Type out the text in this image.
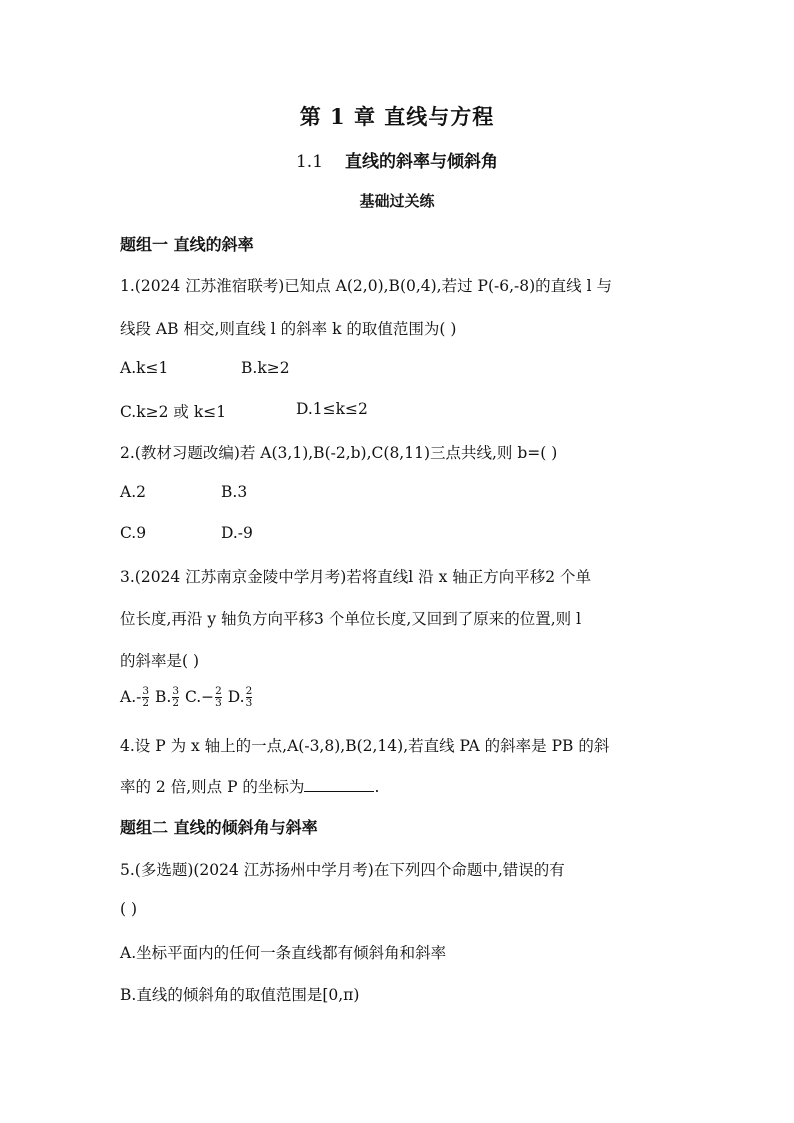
第 1 章 直线与方程
1.1 直线的斜率与倾斜角
基础过关练
题组一 直线的斜率
1.(2024 江苏淮宿联考)已知点 A(2,0),B(0,4),若过 P(-6,-8)的直线 l 与
线段 AB 相交,则直线 l 的斜率 k 的取值范围为( )
A.k≤1	B.k≥2
C.k≥2 或 k≤1	D.1≤k≤2
2.(教材习题改编)若 A(3,1),B(-2,b),C(8,11)三点共线,则 b=( )
A.2	B.3
C.9	D.-9
3.(2024 江苏南京金陵中学月考)若将直线l 沿 x 轴正方向平移2 个单
位长度,再沿 y 轴负方向平移3 个单位长度,又回到了原来的位置,则 l
的斜率是( )
$A.- \frac{3}{2} B$. $\frac{3}{2} C.- \frac{2}{3} D$. $\frac{2}{3}$
4.设 P 为 x 轴上的一点,A(-3,8),B(2,14),若直线 PA 的斜率是 PB 的斜
率的 2 倍,则点 P 的坐标为	.
题组二 直线的倾斜角与斜率
5.(多选题)(2024 江苏扬州中学月考)在下列四个命题中,错误的有
( )
A.坐标平面内的任何一条直线都有倾斜角和斜率
B.直线的倾斜角的取值范围是[0,π)
